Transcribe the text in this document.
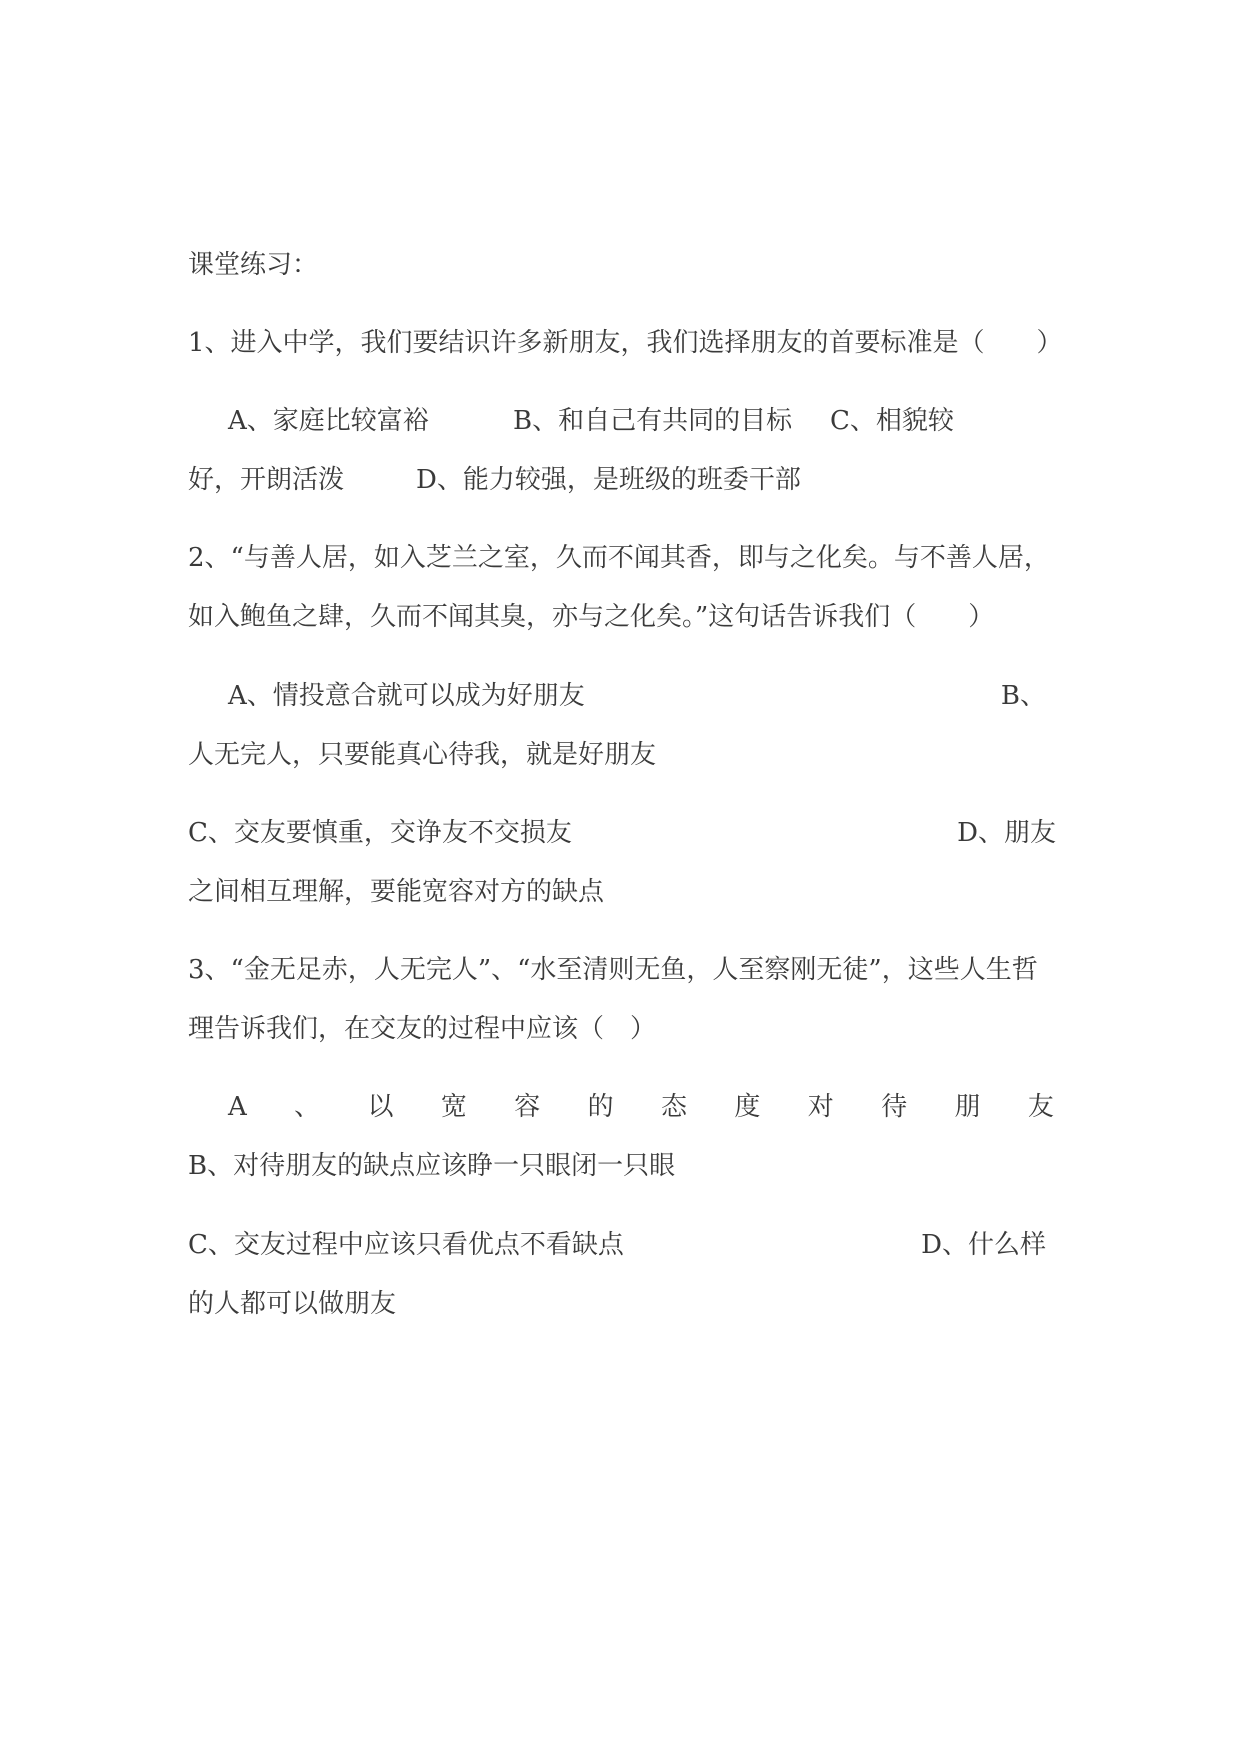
课堂练习：
1、进入中学，我们要结识许多新朋友，我们选择朋友的首要标准是（　　）
A、家庭比较富裕	B、和自己有共同的目标 C、相貌较
好，开朗活泼	D、能力较强，是班级的班委干部
2、“与善人居，如入芝兰之室，久而不闻其香，即与之化矣。与不善人居，
如入鲍鱼之肆，久而不闻其臭，亦与之化矣。”这句话告诉我们（　　）
A、情投意合就可以成为好朋友	B、
人无完人，只要能真心待我，就是好朋友
C、交友要慎重，交诤友不交损友	D、朋友
之间相互理解，要能宽容对方的缺点
3、“金无足赤，人无完人”、“水至清则无鱼，人至察刚无徒”，这些人生哲
理告诉我们，在交友的过程中应该（　）
A 、 以 宽 容 的 态 度 对 待 朋 友
B、对待朋友的缺点应该睁一只眼闭一只眼
C、交友过程中应该只看优点不看缺点	D、什么样
的人都可以做朋友
